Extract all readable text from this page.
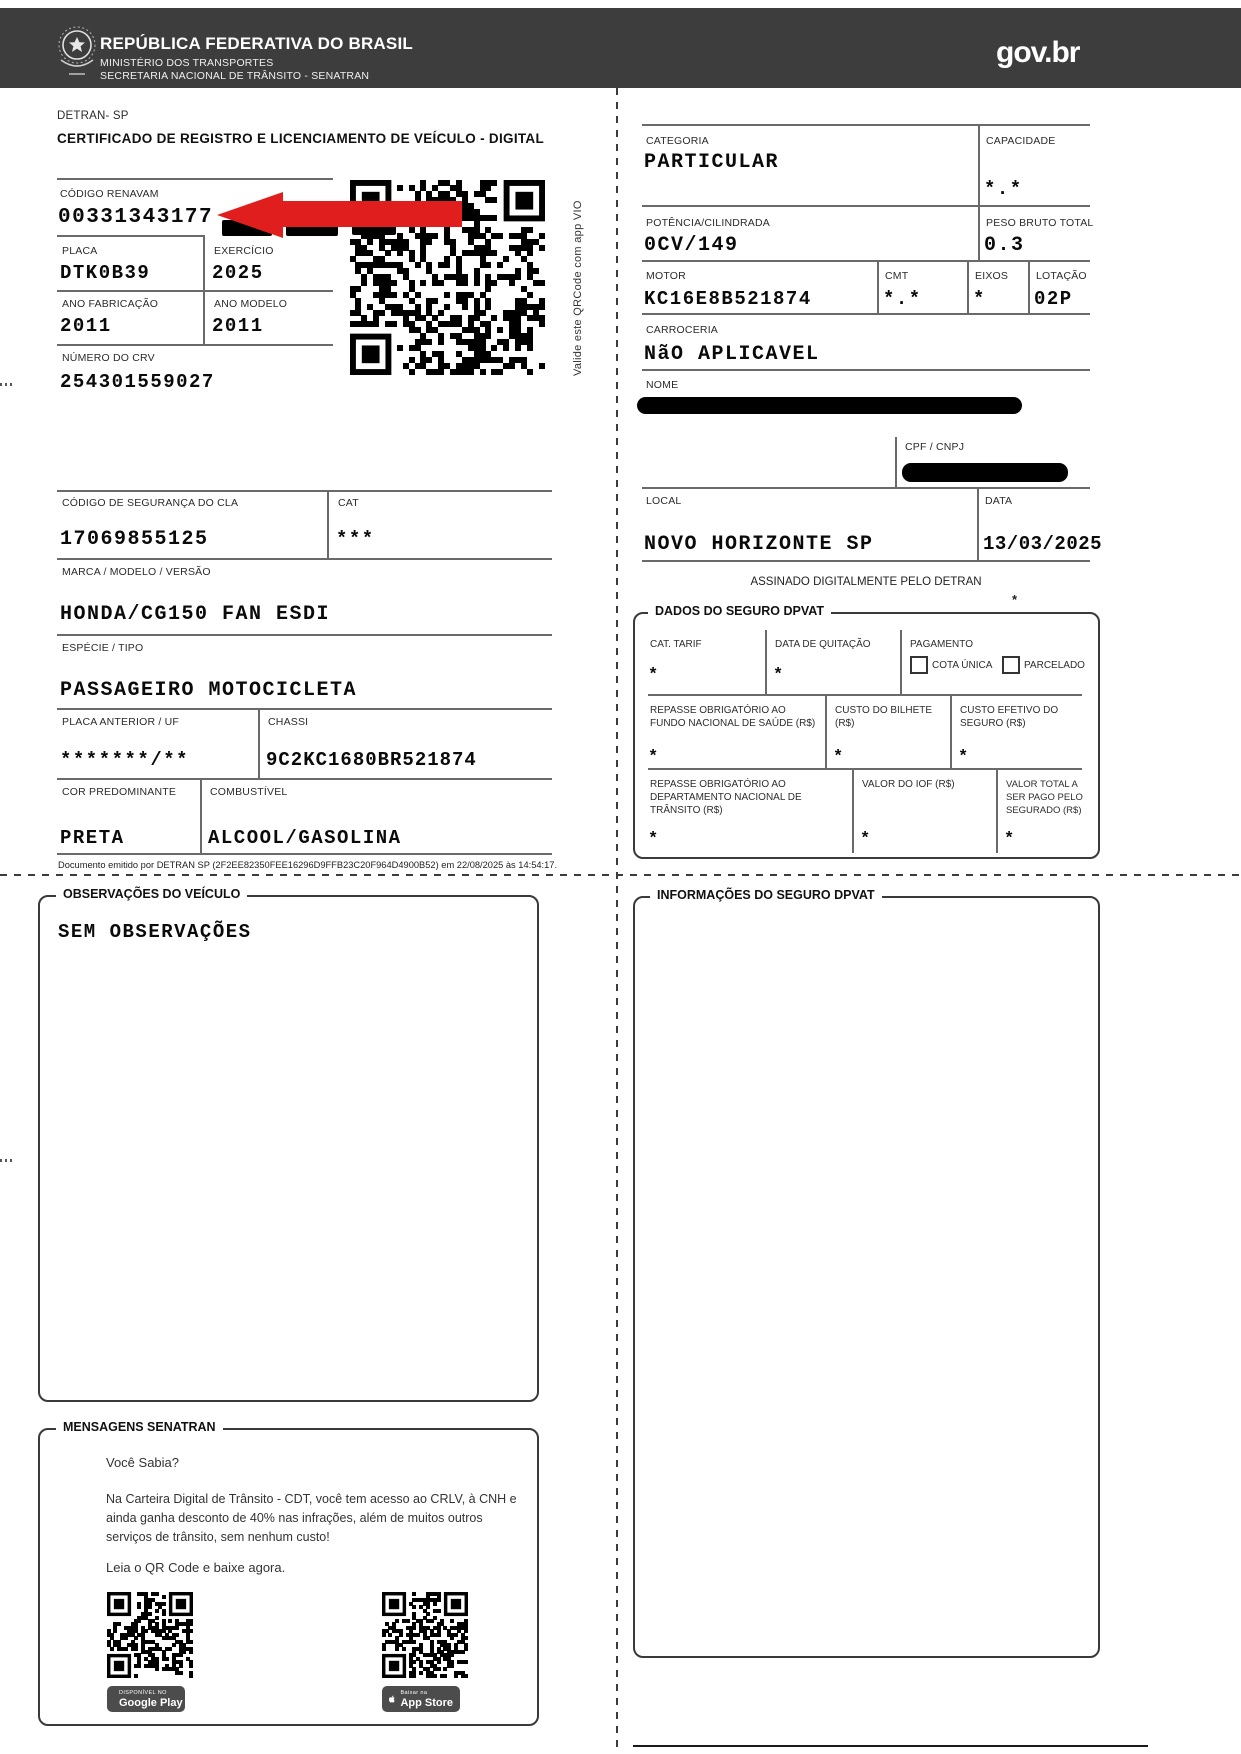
REPÚBLICA FEDERATIVA DO BRASIL
MINISTÉRIO DOS TRANSPORTES
SECRETARIA NACIONAL DE TRÂNSITO - SENATRAN
gov.br
DETRAN- SP
CERTIFICADO DE REGISTRO E LICENCIAMENTO DE VEÍCULO - DIGITAL
CÓDIGO RENAVAM
00331343177	Valide este QRCode com app VIO
PLACA
DTK0B39
EXERCÍCIO
2025
ANO FABRICAÇÃO
2011
ANO MODELO
2011
NÚMERO DO CRV
254301559027
CÓDIGO DE SEGURANÇA DO CLA
17069855125
CAT
***
MARCA / MODELO / VERSÃO
HONDA/CG150 FAN ESDI
ESPÉCIE / TIPO
PASSAGEIRO MOTOCICLETA
PLACA ANTERIOR / UF
*******/**
CHASSI
9C2KC1680BR521874
COR PREDOMINANTE
PRETA
COMBUSTÍVEL
ALCOOL/GASOLINA
Documento emitido por DETRAN SP (2F2EE82350FEE16296D9FFB23C20F964D4900B52) em 22/08/2025 às 14:54:17.
CATEGORIA
PARTICULAR
CAPACIDADE
*.*
POTÊNCIA/CILINDRADA
0CV/149
PESO BRUTO TOTAL
0.3
MOTOR
KC16E8B521874
CMT
*.*
EIXOS
*
LOTAÇÃO
02P
CARROCERIA
NãO APLICAVEL
NOME
CPF / CNPJ
LOCAL
NOVO HORIZONTE SP
DATA
13/03/2025
ASSINADO DIGITALMENTE PELO DETRAN
*
DADOS DO SEGURO DPVAT
CAT. TARIF
*
DATA DE QUITAÇÃO
*
PAGAMENTO
COTA ÚNICA	PARCELADO
REPASSE OBRIGATÓRIO AO FUNDO NACIONAL DE SAÚDE (R$)
*
CUSTO DO BILHETE (R$)
*
CUSTO EFETIVO DO SEGURO (R$)
*
REPASSE OBRIGATÓRIO AO DEPARTAMENTO NACIONAL DE TRÂNSITO (R$)
*
VALOR DO IOF (R$)
*
VALOR TOTAL A SER PAGO PELO SEGURADO (R$)
*
OBSERVAÇÕES DO VEÍCULO
SEM OBSERVAÇÕES
INFORMAÇÕES DO SEGURO DPVAT
MENSAGENS SENATRAN
Você Sabia?
Na Carteira Digital de Trânsito - CDT, você tem acesso ao CRLV, à CNH e
ainda ganha desconto de 40% nas infrações, além de muitos outros
serviços de trânsito, sem nenhum custo!
Leia o QR Code e baixe agora.
DISPONÍVEL NO
Google Play
Baixar na
App Store
